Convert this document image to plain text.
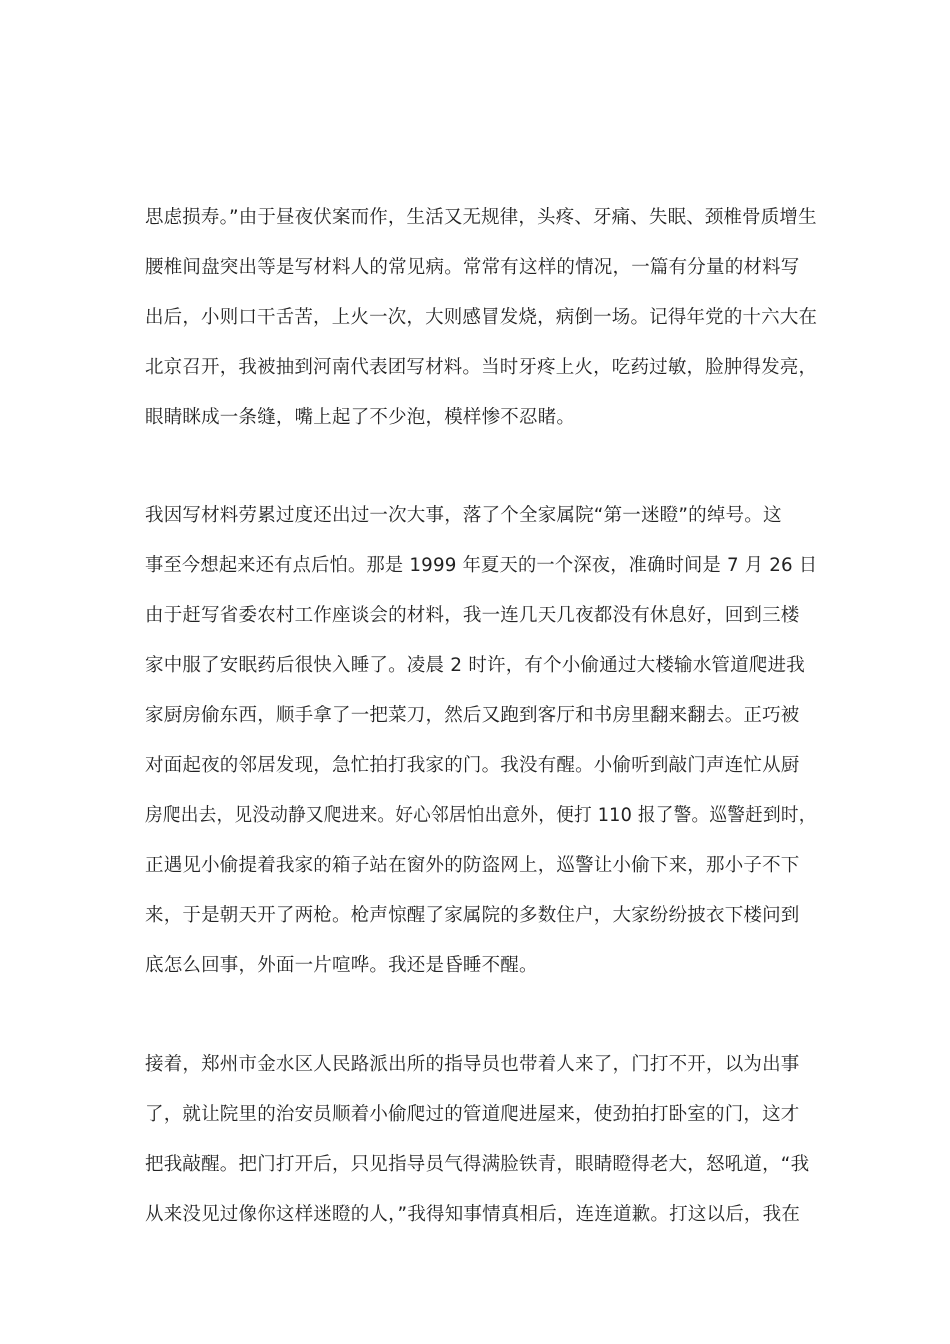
思虑损寿。”由于昼夜伏案而作，生活又无规律，头疼、牙痛、失眠、颈椎骨质增生
腰椎间盘突出等是写材料人的常见病。常常有这样的情况，一篇有分量的材料写
出后，小则口干舌苦，上火一次，大则感冒发烧，病倒一场。记得年党的十六大在
北京召开，我被抽到河南代表团写材料。当时牙疼上火，吃药过敏，脸肿得发亮，
眼睛眯成一条缝，嘴上起了不少泡，模样惨不忍睹。
我因写材料劳累过度还出过一次大事，落了个全家属院“第一迷瞪”的绰号。这
事至今想起来还有点后怕。那是 1999 年夏天的一个深夜，准确时间是 7 月 26 日
由于赶写省委农村工作座谈会的材料，我一连几天几夜都没有休息好，回到三楼
家中服了安眠药后很快入睡了。凌晨 2 时许，有个小偷通过大楼输水管道爬进我
家厨房偷东西，顺手拿了一把菜刀，然后又跑到客厅和书房里翻来翻去。正巧被
对面起夜的邻居发现，急忙拍打我家的门。我没有醒。小偷听到敲门声连忙从厨
房爬出去，见没动静又爬进来。好心邻居怕出意外，便打 110 报了警。巡警赶到时，
正遇见小偷提着我家的箱子站在窗外的防盗网上，巡警让小偷下来，那小子不下
来，于是朝天开了两枪。枪声惊醒了家属院的多数住户，大家纷纷披衣下楼问到
底怎么回事，外面一片喧哗。我还是昏睡不醒。
接着，郑州市金水区人民路派出所的指导员也带着人来了，门打不开，以为出事
了，就让院里的治安员顺着小偷爬过的管道爬进屋来，使劲拍打卧室的门，这才
把我敲醒。把门打开后，只见指导员气得满脸铁青，眼睛瞪得老大，怒吼道，“我
从来没见过像你这样迷瞪的人，”我得知事情真相后，连连道歉。打这以后，我在
